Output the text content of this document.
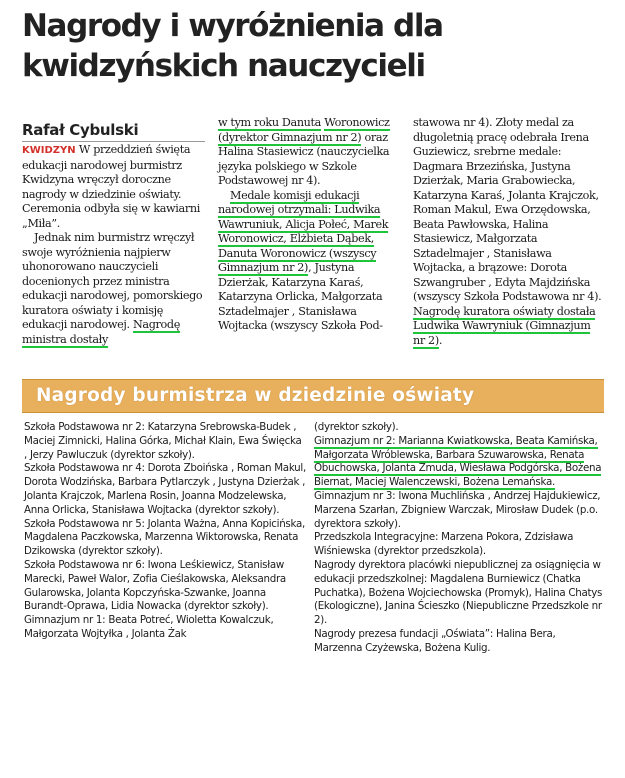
Nagrody i wyróżnienia dla kwidzyńskich nauczycieli
Rafał Cybulski

KWIDZYN W przeddzień święta edukacji narodowej burmistrz Kwidzyna wręczył doroczne nagrody w dziedzinie oświaty. Ceremonia odbyła się w kawiarni „Miła”.

Jednak nim burmistrz wręczył swoje wyróżnienia najpierw uhonorowano nauczycieli docenionych przez ministra edukacji narodowej, pomorskiego kuratora oświaty i komisję edukacji narodowej. Nagrodę ministra dostały

w tym roku Danuta Woronowicz (dyrektor Gimnazjum nr 2) oraz Halina Stasiewicz (nauczycielka języka polskiego w Szkole Podstawowej nr 4).

Medale komisji edukacji narodowej otrzymali: Ludwika Wawruniuk, Alicja Połeć, Marek Woronowicz, Elżbieta Dąbek, Danuta Woronowicz (wszyscy Gimnazjum nr 2), Justyna Dzierżak, Katarzyna Karaś, Katarzyna Orlicka, Małgorzata Sztadelmajer , Stanisława Wojtacka (wszyscy Szkoła Pod-

stawowa nr 4). Złoty medal za długoletnią pracę odebrała Irena Guziewicz, srebrne medale: Dagmara Brzezińska, Justyna Dzierżak, Maria Grabowiecka, Katarzyna Karaś, Jolanta Krajczok, Roman Makul, Ewa Orzędowska, Beata Pawłowska, Halina Stasiewicz, Małgorzata Sztadelmajer , Stanisława Wojtacka, a brązowe: Dorota Szwangruber , Edyta Majdzińska (wszyscy Szkoła Podstawowa nr 4). Nagrodę kuratora oświaty dostała Ludwika Wawryniuk (Gimnazjum nr 2).

Nagrody burmistrza w dziedzinie oświaty

Szkoła Podstawowa nr 2: Katarzyna Srebrowska-Budek , Maciej Zimnicki, Halina Górka, Michał Klain, Ewa Święcka , Jerzy Pawluczuk (dyrektor szkoły).

Szkoła Podstawowa nr 4: Dorota Zboińska , Roman Makul, Dorota Wodzińska, Barbara Pytlarczyk , Justyna Dzierżak , Jolanta Krajczok, Marlena Rosin, Joanna Modzelewska, Anna Orlicka, Stanisława Wojtacka (dyrektor szkoły).

Szkoła Podstawowa nr 5: Jolanta Ważna, Anna Kopicińska, Magdalena Paczkowska, Marzenna Wiktorowska, Renata Dzikowska (dyrektor szkoły).

Szkoła Podstawowa nr 6: Iwona Leśkiewicz, Stanisław Marecki, Paweł Walor, Zofia Cieślakowska, Aleksandra Gularowska, Jolanta Kopczyńska-Szwanke, Joanna Burandt-Oprawa, Lidia Nowacka (dyrektor szkoły).

Gimnazjum nr 1: Beata Potreć, Wioletta Kowalczuk, Małgorzata Wojtyłka , Jolanta Żak

(dyrektor szkoły).

Gimnazjum nr 2: Marianna Kwiatkowska, Beata Kamińska, Małgorzata Wróblewska, Barbara Szuwarowska, Renata Obuchowska, Jolanta Zmuda, Wiesława Podgórska, Bożena Biernat, Maciej Walenczewski, Bożena Lemańska.

Gimnazjum nr 3: Iwona Muchlińska , Andrzej Hajdukiewicz, Marzena Szarłan, Zbigniew Warczak, Mirosław Dudek (p.o. dyrektora szkoły).

Przedszkola Integracyjne: Marzena Pokora, Zdzisława Wiśniewska (dyrektor przedszkola).

Nagrody dyrektora placówki niepublicznej za osiągnięcia w edukacji przedszkolnej: Magdalena Burniewicz (Chatka Puchatka), Bożena Wojciechowska (Promyk), Halina Chatys (Ekologiczne), Janina Ścieszko (Niepubliczne Przedszkole nr 2).

Nagrody prezesa fundacji „Oświata”: Halina Bera, Marzenna Czyżewska, Bożena Kulig.
